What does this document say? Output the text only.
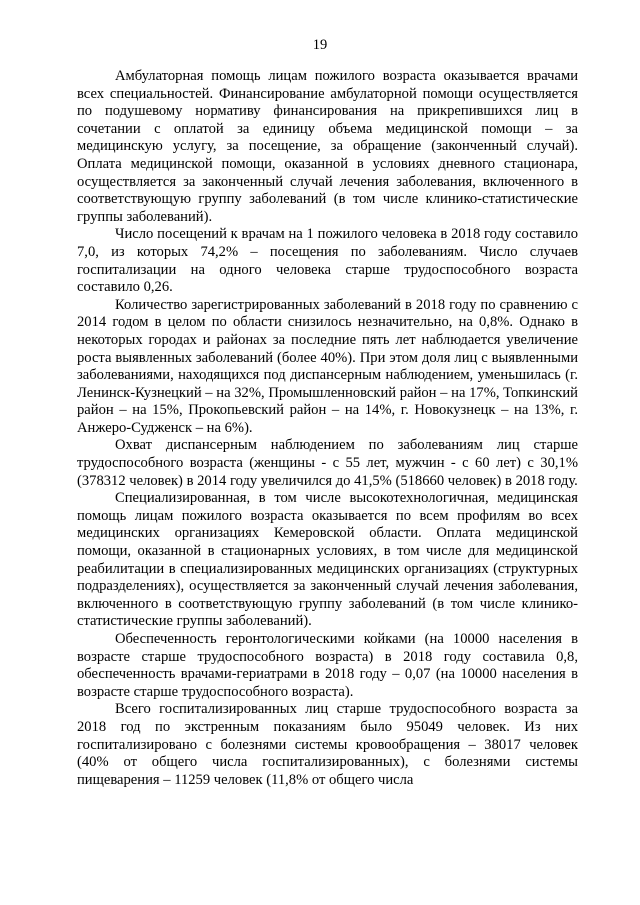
19

Амбулаторная помощь лицам пожилого возраста оказывается врачами всех специальностей. Финансирование амбулаторной помощи осуществляется по подушевому нормативу финансирования на прикрепившихся лиц в сочетании с оплатой за единицу объема медицинской помощи – за медицинскую услугу, за посещение, за обращение (законченный случай). Оплата медицинской помощи, оказанной в условиях дневного стационара, осуществляется за законченный случай лечения заболевания, включенного в соответствующую группу заболеваний (в том числе клинико-статистические группы заболеваний).

Число посещений к врачам на 1 пожилого человека в 2018 году составило 7,0, из которых 74,2% – посещения по заболеваниям. Число случаев госпитализации на одного человека старше трудоспособного возраста составило 0,26.

Количество зарегистрированных заболеваний в 2018 году по сравнению с 2014 годом в целом по области снизилось незначительно, на 0,8%. Однако в некоторых городах и районах за последние пять лет наблюдается увеличение роста выявленных заболеваний (более 40%). При этом доля лиц с выявленными заболеваниями, находящихся под диспансерным наблюдением, уменьшилась (г. Ленинск-Кузнецкий – на 32%, Промышленновский район – на 17%, Топкинский район – на 15%, Прокопьевский район – на 14%, г. Новокузнецк – на 13%, г. Анжеро-Судженск – на 6%).

Охват диспансерным наблюдением по заболеваниям лиц старше трудоспособного возраста (женщины - с 55 лет, мужчин - с 60 лет) с 30,1% (378312 человек) в 2014 году увеличился до 41,5% (518660 человек) в 2018 году.

Специализированная, в том числе высокотехнологичная, медицинская помощь лицам пожилого возраста оказывается по всем профилям во всех медицинских организациях Кемеровской области. Оплата медицинской помощи, оказанной в стационарных условиях, в том числе для медицинской реабилитации в специализированных медицинских организациях (структурных подразделениях), осуществляется за законченный случай лечения заболевания, включенного в соответствующую группу заболеваний (в том числе клинико-статистические группы заболеваний).

Обеспеченность геронтологическими койками (на 10000 населения в возрасте старше трудоспособного возраста) в 2018 году составила 0,8, обеспеченность врачами-гериатрами в 2018 году – 0,07 (на 10000 населения в возрасте старше трудоспособного возраста).

Всего госпитализированных лиц старше трудоспособного возраста за 2018 год по экстренным показаниям было 95049 человек. Из них госпитализировано с болезнями системы кровообращения – 38017 человек (40% от общего числа госпитализированных), с болезнями системы пищеварения – 11259 человек (11,8% от общего числа
